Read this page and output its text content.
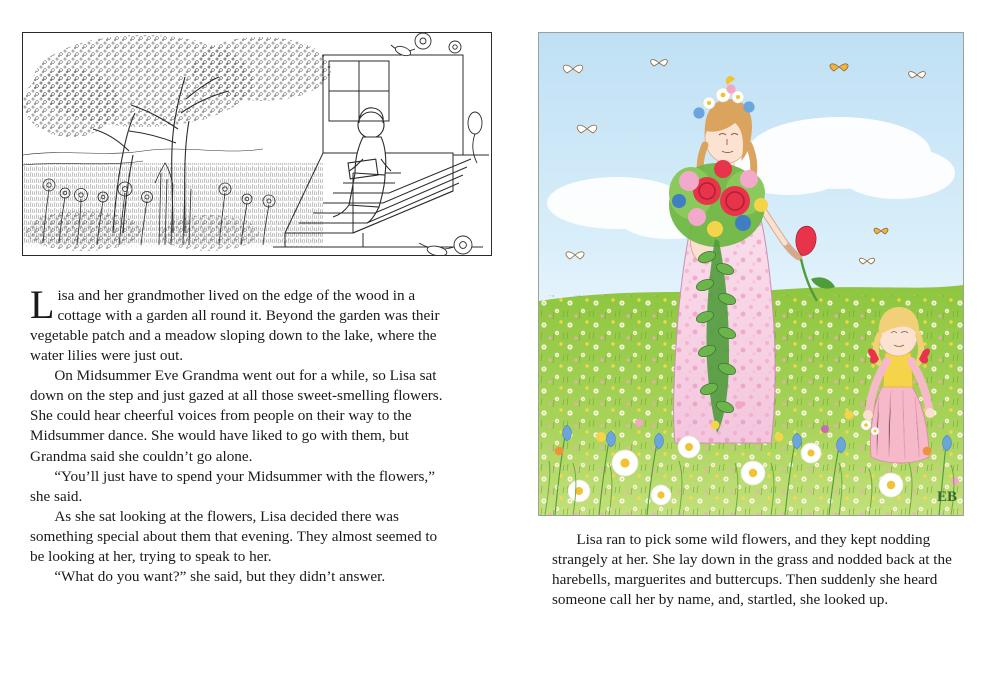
Lisa and her grandmother lived on the edge of the wood in a cottage with a garden all round it. Beyond the garden was their vegetable patch and a meadow sloping down to the lake, where the water lilies were just out.

On Midsummer Eve Grandma went out for a while, so Lisa sat down on the step and just gazed at all those sweet-smelling flowers. She could hear cheerful voices from people on their way to the Midsummer dance. She would have liked to go with them, but Grandma said she couldn’t go alone.

“You’ll just have to spend your Midsummer with the flowers,” she said.

As she sat looking at the flowers, Lisa decided there was something special about them that evening. They almost seemed to be looking at her, trying to speak to her.

“What do you want?” she said, but they didn’t answer.

EB

Lisa ran to pick some wild flowers, and they kept nodding strangely at her. She lay down in the grass and nodded back at the harebells, marguerites and buttercups. Then suddenly she heard someone call her by name, and, startled, she looked up.
